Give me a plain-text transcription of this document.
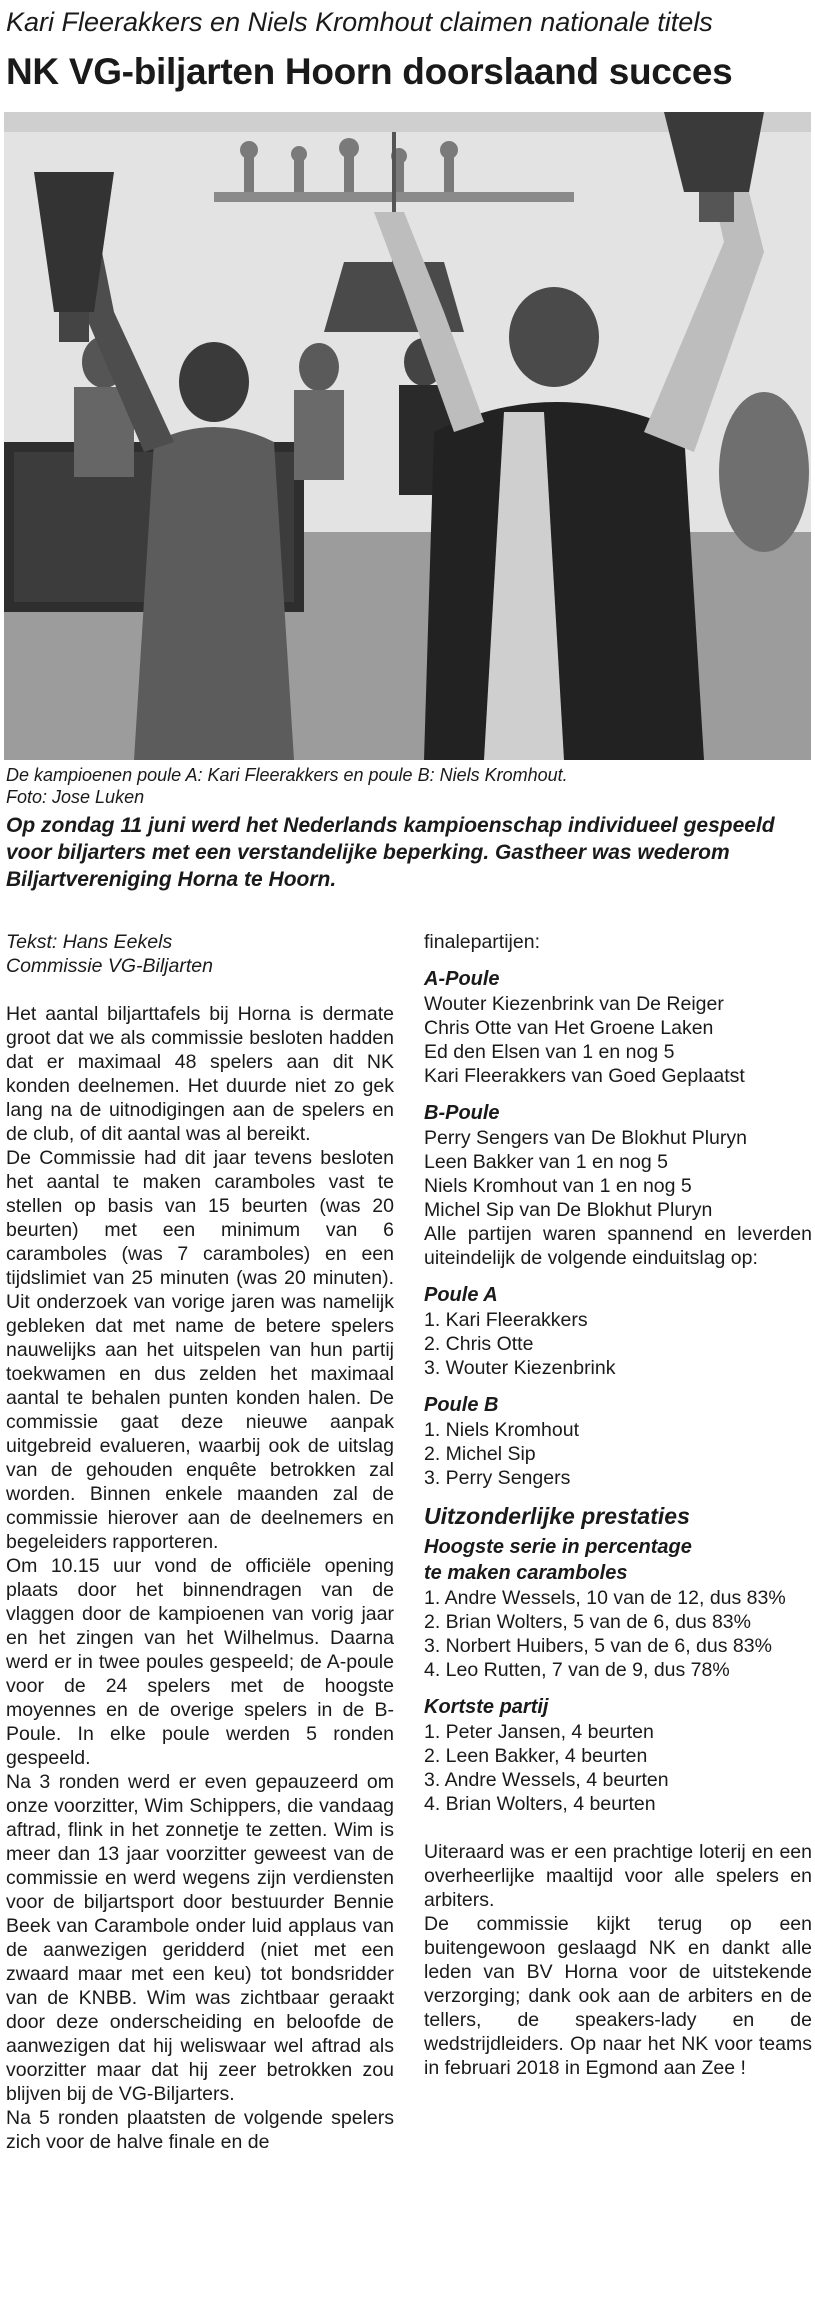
Kari Fleerakkers en Niels Kromhout claimen nationale titels
NK VG-biljarten Hoorn doorslaand succes
De kampioenen poule A: Kari Fleerakkers en poule B: Niels Kromhout.
Foto: Jose Luken
Op zondag 11 juni werd het Nederlands kampioenschap individueel gespeeld voor biljarters met een verstandelijke beperking. Gastheer was wederom Biljartvereniging Horna te Hoorn.
Tekst: Hans Eekels
Commissie VG-Biljarten

Het aantal biljarttafels bij Horna is dermate groot dat we als commissie besloten hadden dat er maximaal 48 spelers aan dit NK konden deelnemen. Het duurde niet zo gek lang na de uitnodigingen aan de spelers en de club, of dit aantal was al bereikt.

De Commissie had dit jaar tevens besloten het aantal te maken caramboles vast te stellen op basis van 15 beurten (was 20 beurten) met een minimum van 6 caramboles (was 7 caramboles) en een tijdslimiet van 25 minuten (was 20 minuten). Uit onderzoek van vorige jaren was namelijk gebleken dat met name de betere spelers nauwelijks aan het uitspelen van hun partij toekwamen en dus zelden het maximaal aantal te behalen punten konden halen. De commissie gaat deze nieuwe aanpak uitgebreid evalueren, waarbij ook de uitslag van de gehouden enquête betrokken zal worden. Binnen enkele maanden zal de commissie hierover aan de deelnemers en begeleiders rapporteren.

Om 10.15 uur vond de officiële opening plaats door het binnendragen van de vlaggen door de kampioenen van vorig jaar en het zingen van het Wilhelmus. Daarna werd er in twee poules gespeeld; de A-poule voor de 24 spelers met de hoogste moyennes en de overige spelers in de B-Poule. In elke poule werden 5 ronden gespeeld.

Na 3 ronden werd er even gepauzeerd om onze voorzitter, Wim Schippers, die vandaag aftrad, flink in het zonnetje te zetten. Wim is meer dan 13 jaar voorzitter geweest van de commissie en werd wegens zijn verdiensten voor de biljartsport door bestuurder Bennie Beek van Carambole onder luid applaus van de aanwezigen geridderd (niet met een zwaard maar met een keu) tot bondsridder van de KNBB. Wim was zichtbaar geraakt door deze onderscheiding en beloofde de aanwezigen dat hij weliswaar wel aftrad als voorzitter maar dat hij zeer betrokken zou blijven bij de VG-Biljarters.

Na 5 ronden plaatsten de volgende spelers zich voor de halve finale en de

finalepartijen:
A-Poule
Wouter Kiezenbrink van De Reiger
Chris Otte van Het Groene Laken
Ed den Elsen van 1 en nog 5
Kari Fleerakkers van Goed Geplaatst
B-Poule
Perry Sengers van De Blokhut Pluryn
Leen Bakker van 1 en nog 5
Niels Kromhout van 1 en nog 5
Michel Sip van De Blokhut Pluryn
Alle partijen waren spannend en leverden uiteindelijk de volgende einduitslag op:
Poule A
1. Kari Fleerakkers
2. Chris Otte
3. Wouter Kiezenbrink
Poule B
1. Niels Kromhout
2. Michel Sip
3. Perry Sengers
Uitzonderlijke prestaties
Hoogste serie in percentage
te maken caramboles
1. Andre Wessels, 10 van de 12, dus 83%
2. Brian Wolters, 5 van de 6, dus 83%
3. Norbert Huibers, 5 van de 6, dus 83%
4. Leo Rutten, 7 van de 9, dus 78%
Kortste partij
1. Peter Jansen, 4 beurten
2. Leen Bakker, 4 beurten
3. Andre Wessels, 4 beurten
4. Brian Wolters, 4 beurten

Uiteraard was er een prachtige loterij en een overheerlijke maaltijd voor alle spelers en arbiters.

De commissie kijkt terug op een buitengewoon geslaagd NK en dankt alle leden van BV Horna voor de uitstekende verzorging; dank ook aan de arbiters en de tellers, de speakers-lady en de wedstrijdleiders. Op naar het NK voor teams in februari 2018 in Egmond aan Zee !
